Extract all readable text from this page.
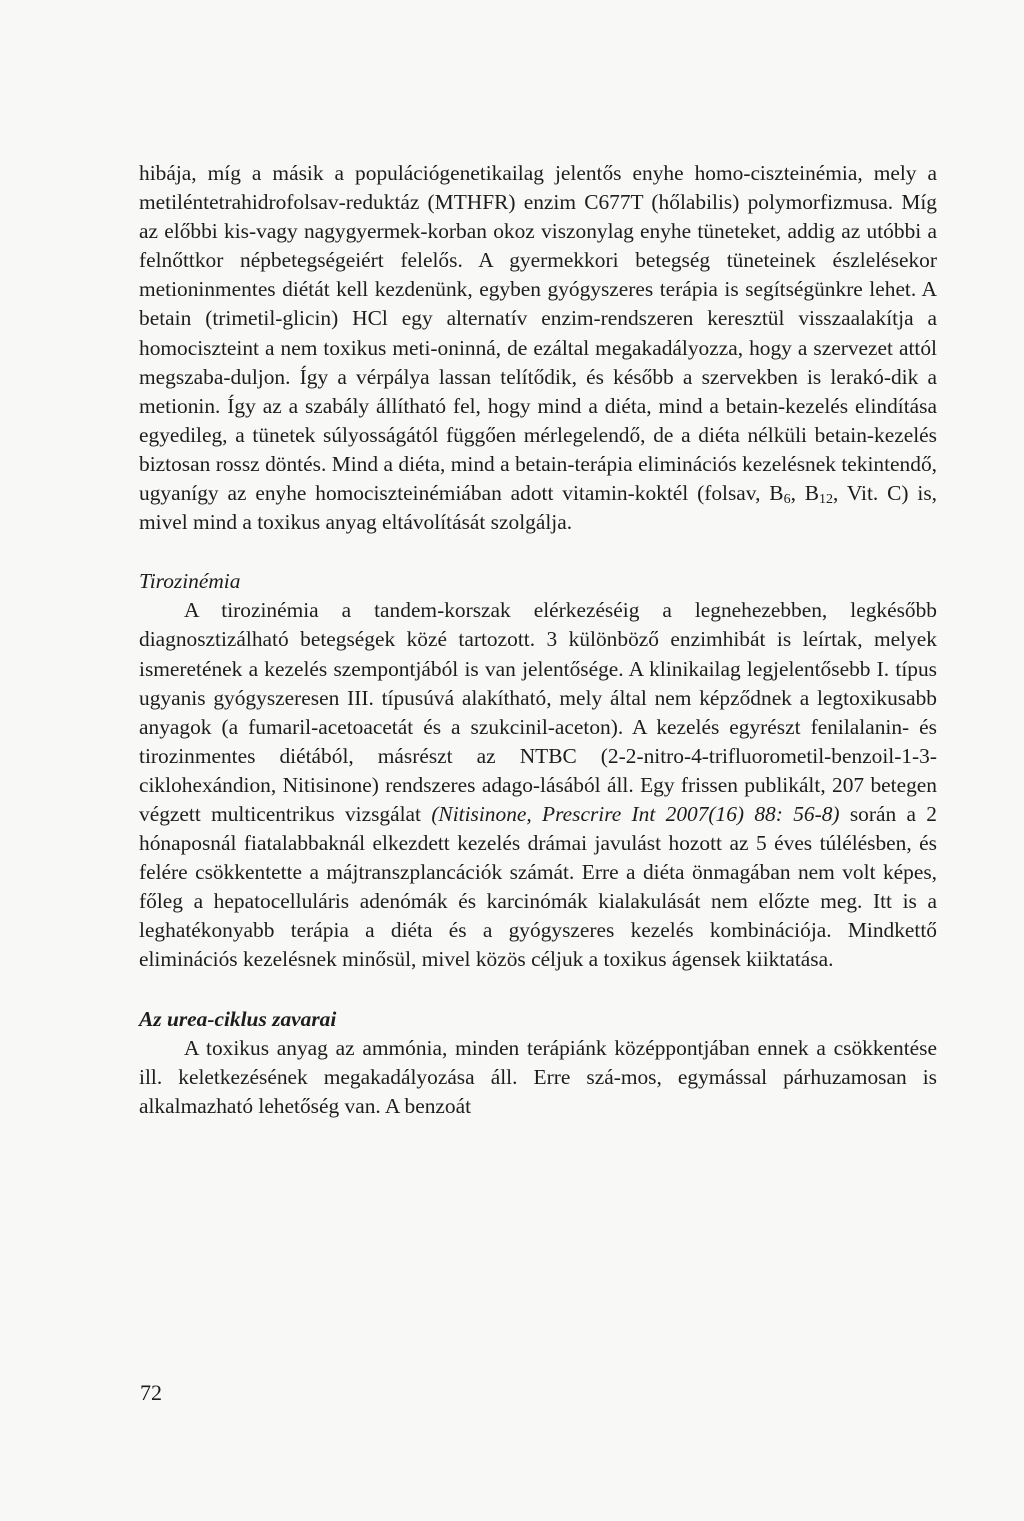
hibája, míg a másik a populációgenetikailag jelentős enyhe homo-ciszteinémia, mely a metiléntetrahidrofolsav-reduktáz (MTHFR) enzim C677T (hőlabilis) polymorfizmusa. Míg az előbbi kis-vagy nagygyermek-korban okoz viszonylag enyhe tüneteket, addig az utóbbi a felnőttkor népbetegségeiért felelős. A gyermekkori betegség tüneteinek észlelésekor metioninmentes diétát kell kezdenünk, egyben gyógyszeres terápia is segítségünkre lehet. A betain (trimetil-glicin) HCl egy alternatív enzim-rendszeren keresztül visszaalakítja a homociszteint a nem toxikus meti-oninná, de ezáltal megakadályozza, hogy a szervezet attól megszaba-duljon. Így a vérpálya lassan telítődik, és később a szervekben is lerakó-dik a metionin. Így az a szabály állítható fel, hogy mind a diéta, mind a betain-kezelés elindítása egyedileg, a tünetek súlyosságától függően mérlegelendő, de a diéta nélküli betain-kezelés biztosan rossz döntés. Mind a diéta, mind a betain-terápia eliminációs kezelésnek tekintendő, ugyanígy az enyhe homociszteinémiában adott vitamin-koktél (folsav, $B_6$, $B_{12}$, Vit. C) is, mivel mind a toxikus anyag eltávolítását szolgálja.

Tirozinémia

A tirozinémia a tandem-korszak elérkezéséig a legnehezebben, legkésőbb diagnosztizálható betegségek közé tartozott. 3 különböző enzimhibát is leírtak, melyek ismeretének a kezelés szempontjából is van jelentősége. A klinikailag legjelentősebb I. típus ugyanis gyógyszeresen III. típusúvá alakítható, mely által nem képződnek a legtoxikusabb anyagok (a fumaril-acetoacetát és a szukcinil-aceton). A kezelés egyrészt fenilalanin- és tirozinmentes diétából, másrészt az NTBC (2-2-nitro-4-trifluorometil-benzoil-1-3- ciklohexándion, Nitisinone) rendszeres adago-lásából áll. Egy frissen publikált, 207 betegen végzett multicentrikus vizsgálat (Nitisinone, Prescrire Int 2007(16) 88: 56-8) során a 2 hónaposnál fiatalabbaknál elkezdett kezelés drámai javulást hozott az 5 éves túlélésben, és felére csökkentette a májtranszplancációk számát. Erre a diéta önmagában nem volt képes, főleg a hepatocelluláris adenómák és karcinómák kialakulását nem előzte meg. Itt is a leghatékonyabb terápia a diéta és a gyógyszeres kezelés kombinációja. Mindkettő eliminációs kezelésnek minősül, mivel közös céljuk a toxikus ágensek kiiktatása.

Az urea-ciklus zavarai

A toxikus anyag az ammónia, minden terápiánk középpontjában ennek a csökkentése ill. keletkezésének megakadályozása áll. Erre szá-mos, egymással párhuzamosan is alkalmazható lehetőség van. A benzoát

72
